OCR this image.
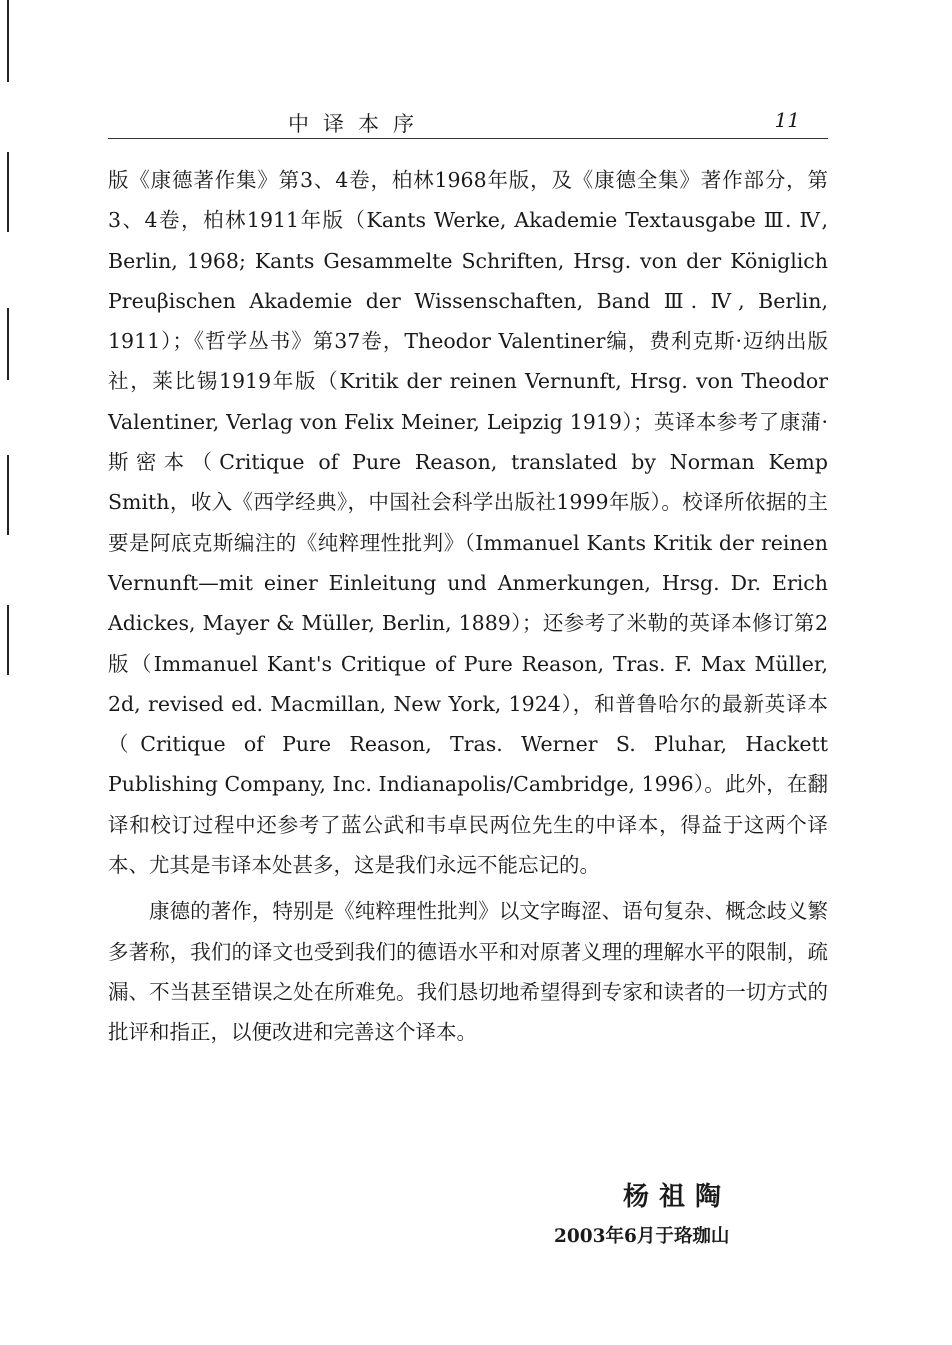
中译本序	11

版《康德著作集》第3、4卷，柏林1968年版，及《康德全集》著作部分，第3、4卷，柏林1911年版（Kants Werke, Akademie Textausgabe Ⅲ. Ⅳ, Berlin, 1968; Kants Gesammelte Schriften, Hrsg. von der Königlich Preuβischen Akademie der Wissenschaften, Band Ⅲ. Ⅳ, Berlin, 1911）；《哲学丛书》第37卷，Theodor Valentiner编，费利克斯·迈纳出版社，莱比锡1919年版（Kritik der reinen Vernunft, Hrsg. von Theodor Valentiner, Verlag von Felix Meiner, Leipzig 1919）；英译本参考了康蒲·斯密本（Critique of Pure Reason, translated by Norman Kemp Smith，收入《西学经典》，中国社会科学出版社1999年版）。校译所依据的主要是阿底克斯编注的《纯粹理性批判》（Immanuel Kants Kritik der reinen Vernunft—mit einer Einleitung und Anmerkungen, Hrsg. Dr. Erich Adickes, Mayer & Müller, Berlin, 1889）；还参考了米勒的英译本修订第2版（Immanuel Kant's Critique of Pure Reason, Tras. F. Max Müller, 2d, revised ed. Macmillan, New York, 1924），和普鲁哈尔的最新英译本（Critique of Pure Reason, Tras. Werner S. Pluhar, Hackett Publishing Company, Inc. Indianapolis/Cambridge, 1996）。此外，在翻译和校订过程中还参考了蓝公武和韦卓民两位先生的中译本，得益于这两个译本、尤其是韦译本处甚多，这是我们永远不能忘记的。

康德的著作，特别是《纯粹理性批判》以文字晦涩、语句复杂、概念歧义繁多著称，我们的译文也受到我们的德语水平和对原著义理的理解水平的限制，疏漏、不当甚至错误之处在所难免。我们恳切地希望得到专家和读者的一切方式的批评和指正，以便改进和完善这个译本。

杨祖陶
2003年6月于珞珈山
